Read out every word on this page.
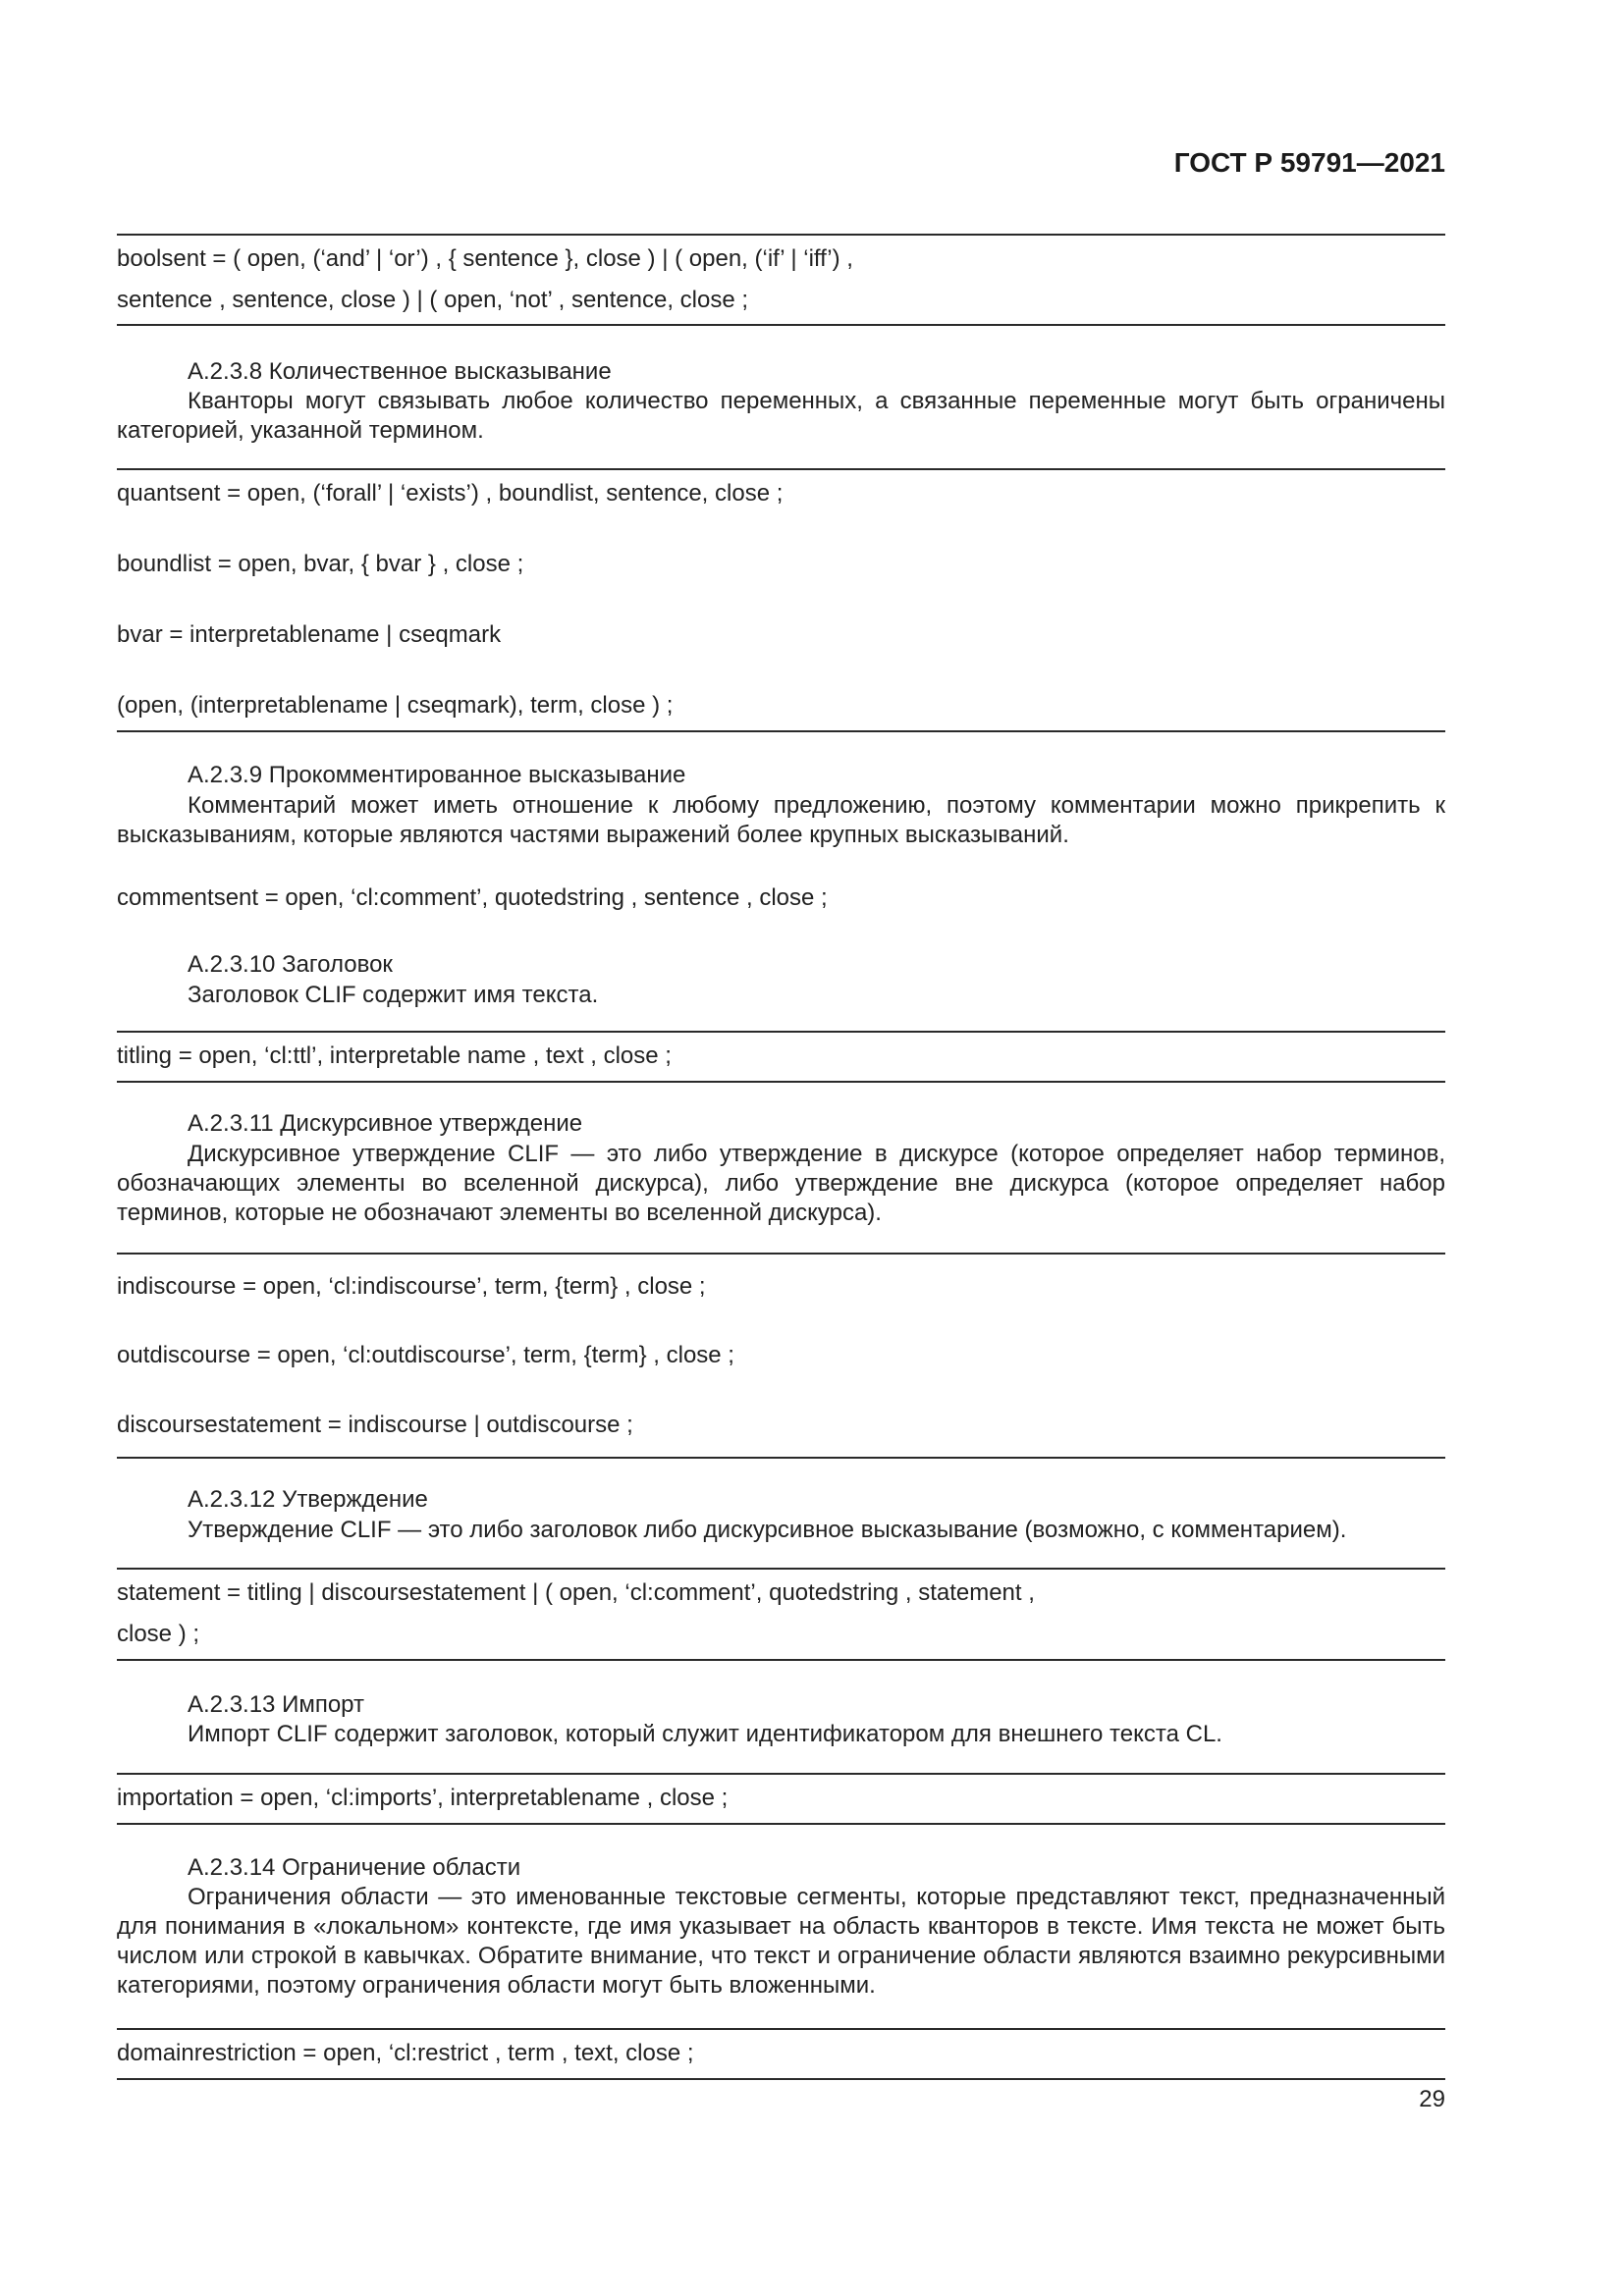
ГОСТ Р 59791—2021
boolsent = ( open, (‘and’ | ‘or’) , { sentence }, close ) | ( open, (‘if’ | ‘iff’) ,
sentence , sentence, close ) | ( open, ‘not’ , sentence, close ;
A.2.3.8 Количественное высказывание
Кванторы могут связывать любое количество переменных, а связанные переменные могут быть ограничены категорией, указанной термином.
quantsent = open, (‘forall’ | ‘exists’) , boundlist, sentence, close ;
boundlist = open, bvar, { bvar } , close ;
bvar = interpretablename | cseqmark
(open, (interpretablename | cseqmark), term, close ) ;
A.2.3.9 Прокомментированное высказывание
Комментарий может иметь отношение к любому предложению, поэтому комментарии можно прикрепить к высказываниям, которые являются частями выражений более крупных высказываний.
commentsent = open, ‘cl:comment’, quotedstring , sentence , close ;
A.2.3.10 Заголовок
Заголовок CLIF содержит имя текста.
titling = open, ‘cl:ttl’, interpretable name , text , close ;
A.2.3.11 Дискурсивное утверждение
Дискурсивное утверждение CLIF — это либо утверждение в дискурсе (которое определяет набор терминов, обозначающих элементы во вселенной дискурса), либо утверждение вне дискурса (которое определяет набор терминов, которые не обозначают элементы во вселенной дискурса).
indiscourse = open, ‘cl:indiscourse’, term, {term} , close ;
outdiscourse = open, ‘cl:outdiscourse’, term, {term} , close ;
discoursestatement = indiscourse | outdiscourse ;
A.2.3.12 Утверждение
Утверждение CLIF — это либо заголовок либо дискурсивное высказывание (возможно, с комментарием).
statement = titling | discoursestatement | ( open, ‘cl:comment’, quotedstring , statement ,
close ) ;
A.2.3.13 Импорт
Импорт CLIF содержит заголовок, который служит идентификатором для внешнего текста CL.
importation = open, ‘cl:imports’, interpretablename , close ;
A.2.3.14 Ограничение области
Ограничения области — это именованные текстовые сегменты, которые представляют текст, предназначенный для понимания в «локальном» контексте, где имя указывает на область кванторов в тексте. Имя текста не может быть числом или строкой в кавычках. Обратите внимание, что текст и ограничение области являются взаимно рекурсивными категориями, поэтому ограничения области могут быть вложенными.
domainrestriction = open, ‘cl:restrict , term , text, close ;
29
